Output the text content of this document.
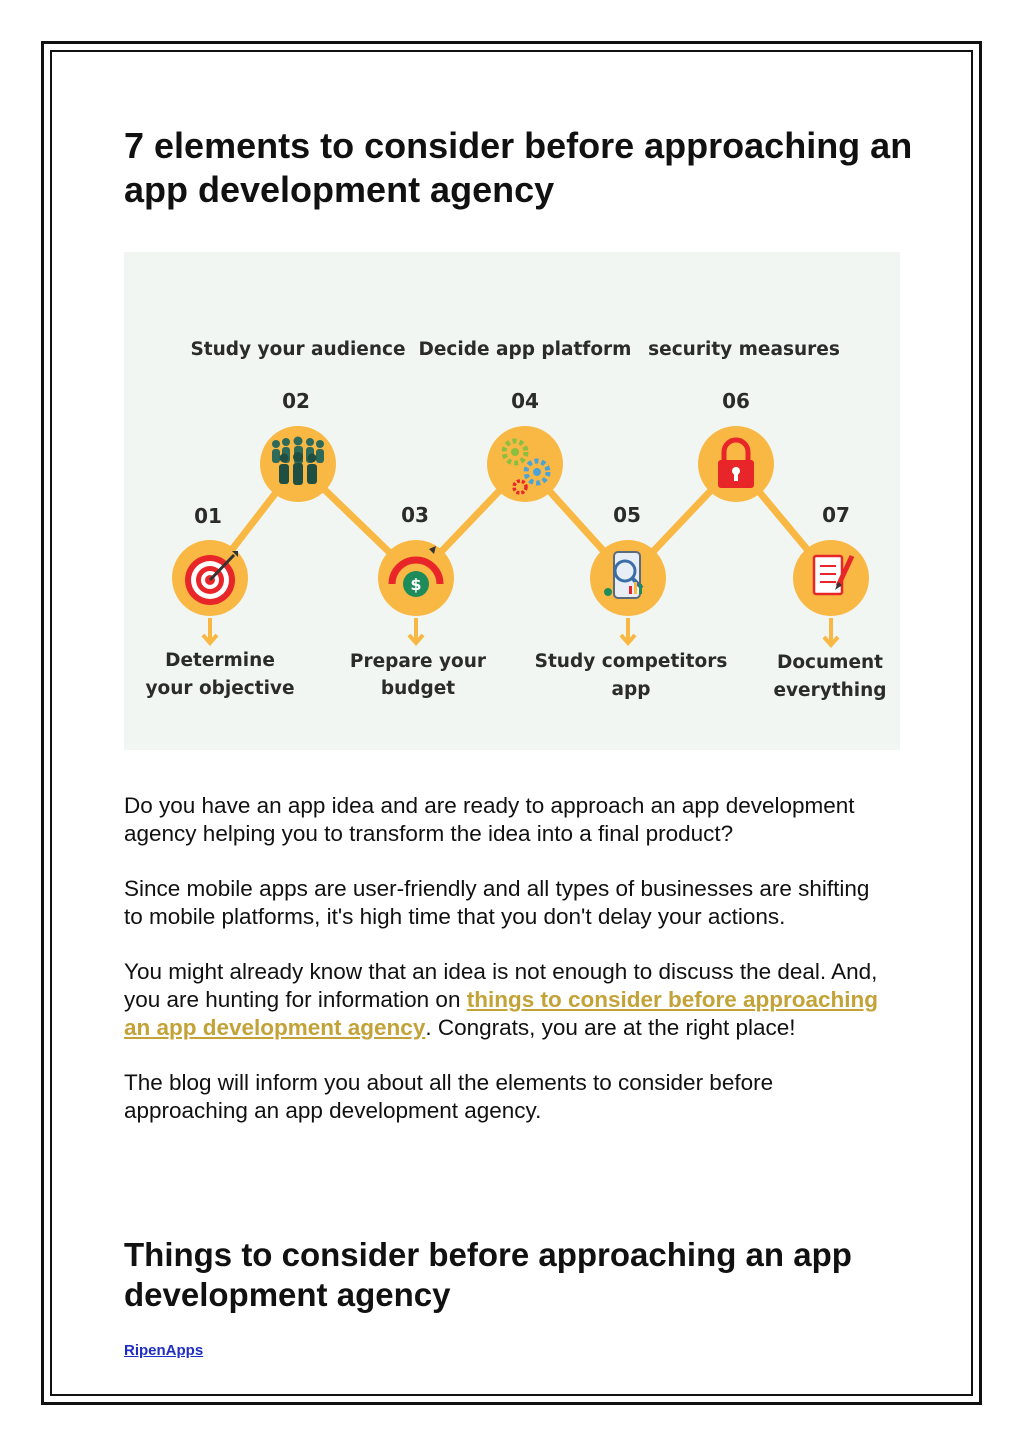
7 elements to consider before approaching an app development agency
Study your audience Decide app platform security measures
01
02
03
04
05
06
07
$
Determine
your objective
Prepare your
budget
Study competitors
app
Document
everything

Do you have an app idea and are ready to approach an app development agency helping you to transform the idea into a final product?

Since mobile apps are user-friendly and all types of businesses are shifting to mobile platforms, it's high time that you don't delay your actions.

You might already know that an idea is not enough to discuss the deal. And, you are hunting for information on things to consider before approaching an app development agency. Congrats, you are at the right place!

The blog will inform you about all the elements to consider before approaching an app development agency.

Things to consider before approaching an app development agency
RipenApps
